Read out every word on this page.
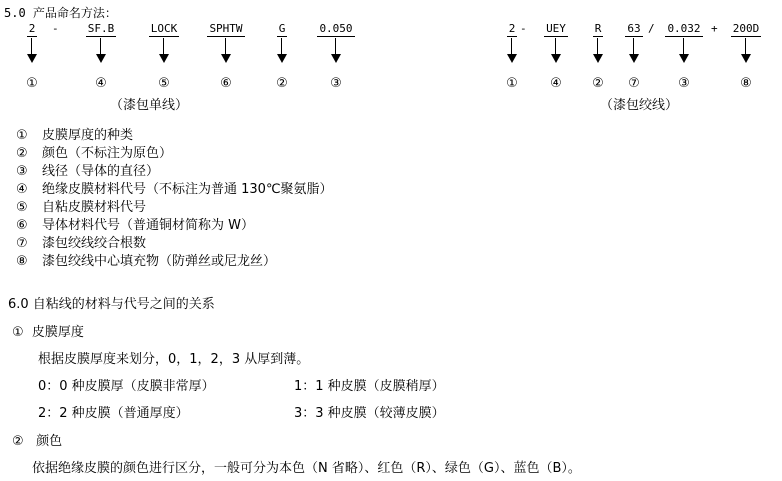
5.0 产品命名方法：
2	-	SF.B	LOCK	SPHTW	G	0.050
①	④	⑤	⑥	②	③
（漆包单线）
2 -	UEY	R	63 /	0.032 +	200D
①	④	②	⑦	③	⑧
（漆包绞线）
① 皮膜厚度的种类
② 颜色（不标注为原色）
③ 线径（导体的直径）
④ 绝缘皮膜材料代号（不标注为普通 130℃聚氨脂）
⑤ 自粘皮膜材料代号
⑥ 导体材料代号（普通铜材简称为 W）
⑦ 漆包绞线绞合根数
⑧ 漆包绞线中心填充物（防弹丝或尼龙丝）
6.0 自粘线的材料与代号之间的关系
① 皮膜厚度
根据皮膜厚度来划分，0，1，2，3 从厚到薄。
0：0 种皮膜厚（皮膜非常厚）	1：1 种皮膜（皮膜稍厚）
2：2 种皮膜（普通厚度）	3：3 种皮膜（较薄皮膜）
② 颜色
依据绝缘皮膜的颜色进行区分，一般可分为本色（N 省略）、红色（R）、绿色（G）、蓝色（B）。
